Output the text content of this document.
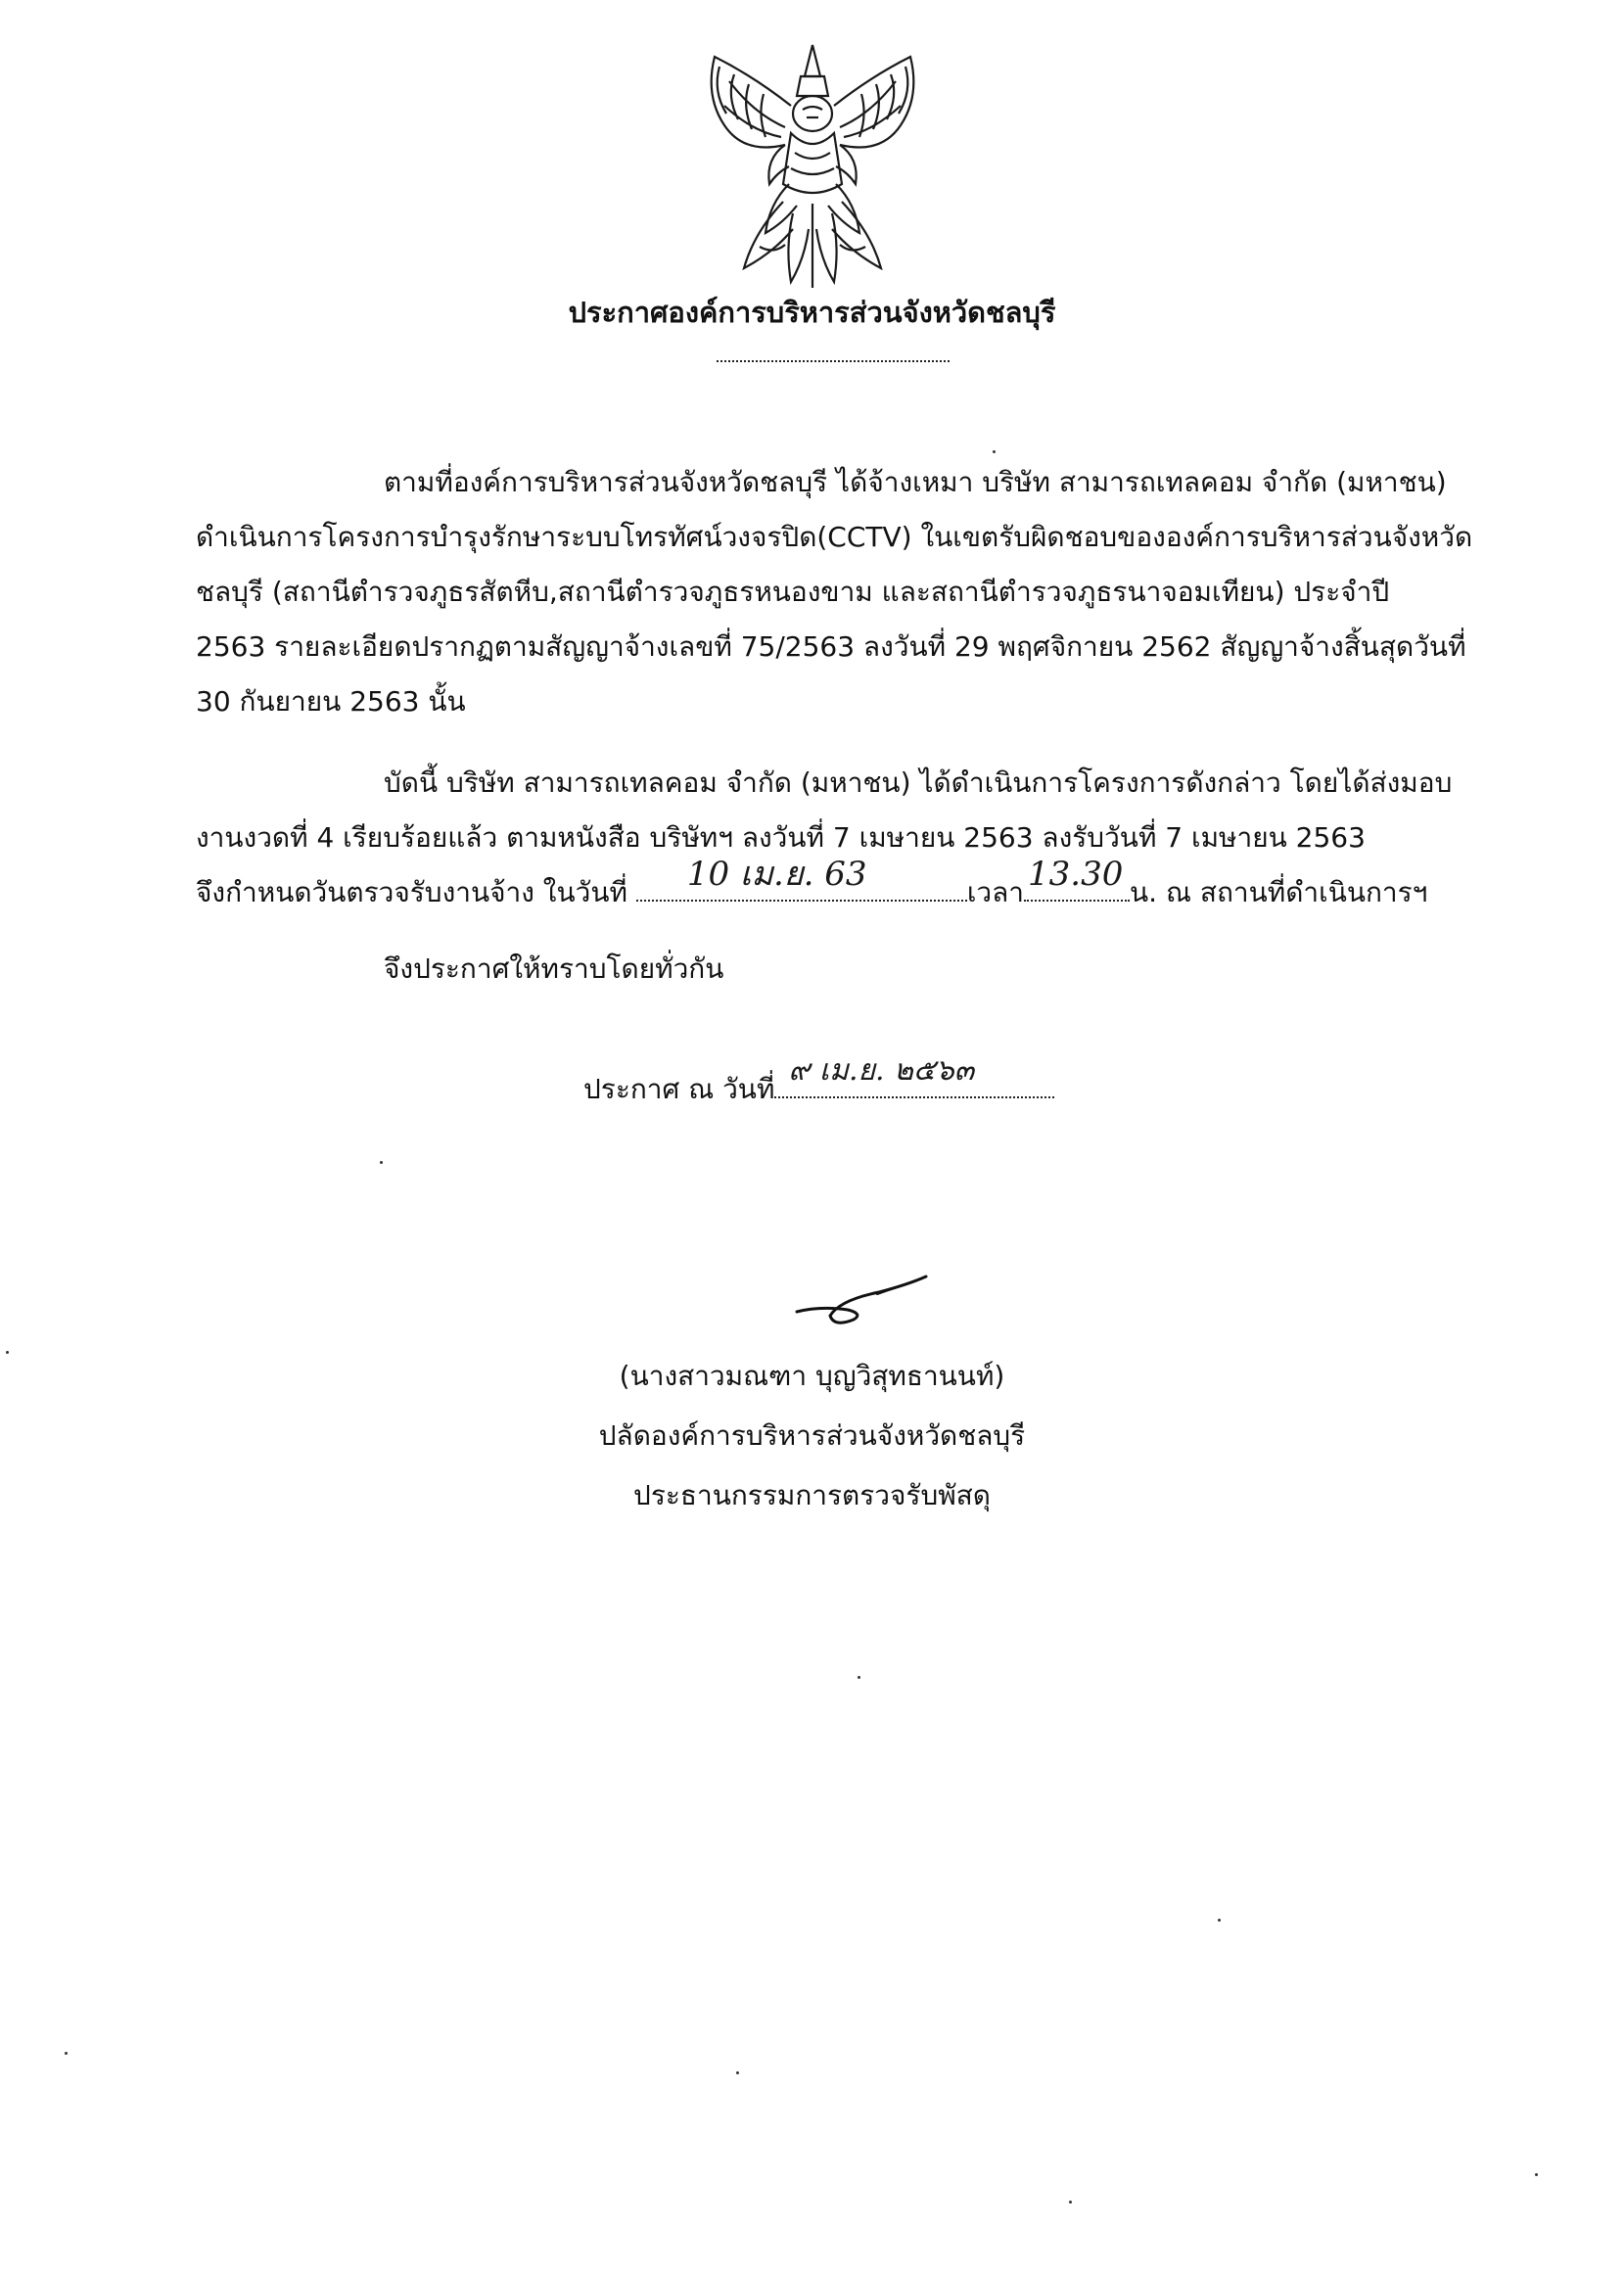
ประกาศองค์การบริหารส่วนจังหวัดชลบุรี
ตามที่องค์การบริหารส่วนจังหวัดชลบุรี ได้จ้างเหมา บริษัท สามารถเทลคอม จำกัด (มหาชน)
ดำเนินการโครงการบำรุงรักษาระบบโทรทัศน์วงจรปิด(CCTV) ในเขตรับผิดชอบขององค์การบริหารส่วนจังหวัด
ชลบุรี (สถานีตำรวจภูธรสัตหีบ,สถานีตำรวจภูธรหนองขาม และสถานีตำรวจภูธรนาจอมเทียน) ประจำปี
2563 รายละเอียดปรากฏตามสัญญาจ้างเลขที่ 75/2563 ลงวันที่ 29 พฤศจิกายน 2562 สัญญาจ้างสิ้นสุดวันที่
30 กันยายน 2563 นั้น
บัดนี้ บริษัท สามารถเทลคอม จำกัด (มหาชน) ได้ดำเนินการโครงการดังกล่าว โดยได้ส่งมอบ
งานงวดที่ 4 เรียบร้อยแล้ว ตามหนังสือ บริษัทฯ ลงวันที่ 7 เมษายน 2563 ลงรับวันที่ 7 เมษายน 2563
จึงกำหนดวันตรวจรับงานจ้าง ในวันที่ 10 เม.ย. 63	เวลา 13.30 น. ณ สถานที่ดำเนินการฯ
จึงประกาศให้ทราบโดยทั่วกัน
ประกาศ ณ วันที่
๙ เม.ย. ๒๕๖๓
(นางสาวมณฑา บุญวิสุทธานนท์)
ปลัดองค์การบริหารส่วนจังหวัดชลบุรี
ประธานกรรมการตรวจรับพัสดุ
